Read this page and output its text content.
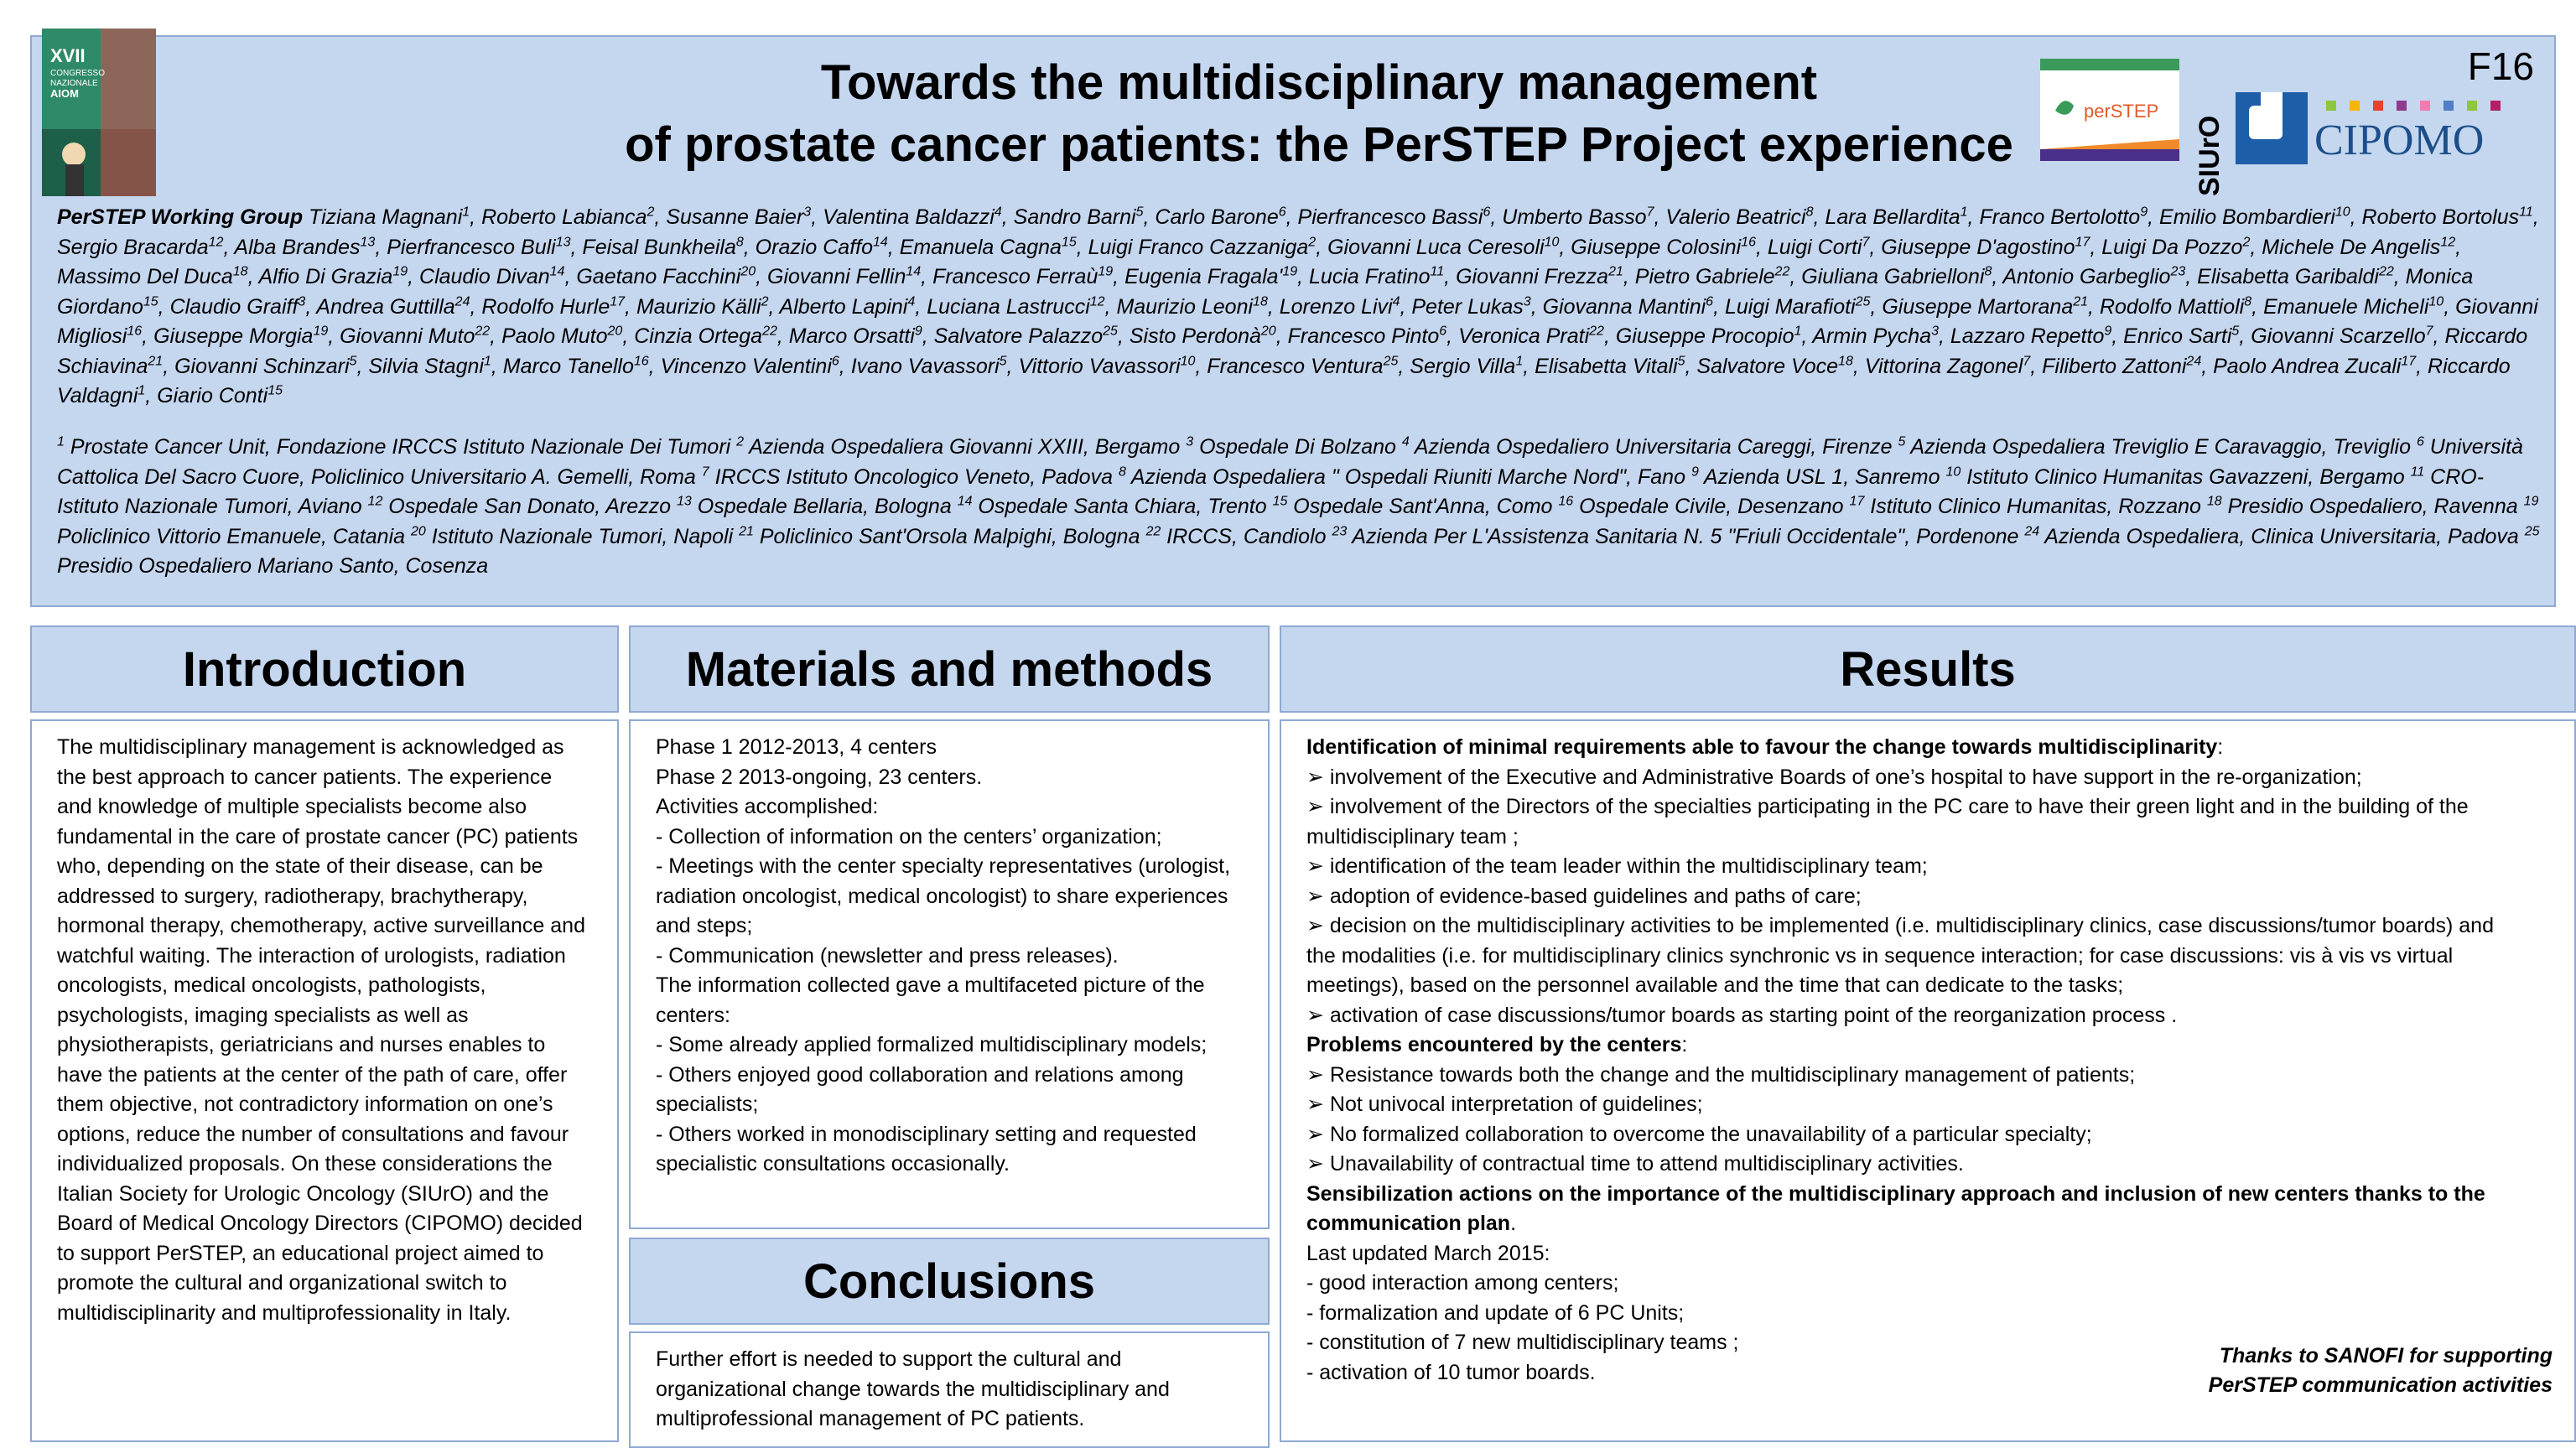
XVII
CONGRESSO
NAZIONALE
AIOM	Towards the multidisciplinary management
of prostate cancer patients: the PerSTEP Project experience
perSTEP
SIUrO CIPOMO
F16
PerSTEP Working Group Tiziana Magnani$^1$, Roberto Labianca$^2$, Susanne Baier$^3$, Valentina Baldazzi$^4$, Sandro Barni$^5$, Carlo Barone$^6$, Pierfrancesco Bassi$^6$, Umberto Basso$^7$, Valerio Beatrici$^8$, Lara Bellardita$^1$, Franco Bertolotto$^9$, Emilio Bombardieri$^{10}$, Roberto Bortolus$^{11}$, Sergio Bracarda$^{12}$, Alba Brandes$^{13}$, Pierfrancesco Buli$^{13}$, Feisal Bunkheila$^8$, Orazio Caffo$^{14}$, Emanuela Cagna$^{15}$, Luigi Franco Cazzaniga$^2$, Giovanni Luca Ceresoli$^{10}$, Giuseppe Colosini$^{16}$, Luigi Corti$^7$, Giuseppe D'agostino$^{17}$, Luigi Da Pozzo$^2$, Michele De Angelis$^{12}$, Massimo Del Duca$^{18}$, Alfio Di Grazia$^{19}$, Claudio Divan$^{14}$, Gaetano Facchini$^{20}$, Giovanni Fellin$^{14}$, Francesco Ferraù$^{19}$, Eugenia $Fragala'^{19}$, Lucia Fratino$^{11}$, Giovanni Frezza$^{21}$, Pietro Gabriele$^{22}$, Giuliana Gabrielloni$^8$, Antonio Garbeglio$^{23}$, Elisabetta Garibaldi$^{22}$, Monica Giordano$^{15}$, Claudio Graiff$^3$, Andrea Guttilla$^{24}$, Rodolfo Hurle$^{17}$, Maurizio Källi$^2$, Alberto Lapini$^4$, Luciana Lastrucci$^{12}$, Maurizio Leoni$^{18}$, Lorenzo Livi$^4$, Peter Lukas$^3$, Giovanna Mantini$^6$, Luigi Marafioti$^{25}$, Giuseppe Martorana$^{21}$, Rodolfo Mattioli$^8$, Emanuele Micheli$^{10}$, Giovanni Migliosi$^{16}$, Giuseppe Morgia$^{19}$, Giovanni Muto$^{22}$, Paolo Muto$^{20}$, Cinzia Ortega$^{22}$, Marco Orsatti$^9$, Salvatore Palazzo$^{25}$, Sisto Perdonà$^{20}$, Francesco Pinto$^6$, Veronica Prati$^{22}$, Giuseppe Procopio$^1$, Armin Pycha$^3$, Lazzaro Repetto$^9$, Enrico Sarti$^5$, Giovanni Scarzello$^7$, Riccardo Schiavina$^{21}$, Giovanni Schinzari$^5$, Silvia Stagni$^1$, Marco Tanello$^{16}$, Vincenzo Valentini$^6$, Ivano Vavassori$^5$, Vittorio Vavassori$^{10}$, Francesco Ventura$^{25}$, Sergio Villa$^1$, Elisabetta Vitali$^5$, Salvatore Voce$^{18}$, Vittorina Zagonel$^7$, Filiberto Zattoni$^{24}$, Paolo Andrea Zucali$^{17}$, Riccardo Valdagni$^1$, Giario Conti$^{15}$
$^1$ Prostate Cancer Unit, Fondazione IRCCS Istituto Nazionale Dei Tumori $^2$ Azienda Ospedaliera Giovanni XXIII, Bergamo $^3$ Ospedale Di Bolzano $^4$ Azienda Ospedaliero Universitaria Careggi, Firenze $^5$ Azienda Ospedaliera Treviglio E Caravaggio, Treviglio $^6$ Università Cattolica Del Sacro Cuore, Policlinico Universitario A. Gemelli, Roma $^7$ IRCCS Istituto Oncologico Veneto, Padova $^8$ Azienda Ospedaliera " Ospedali Riuniti Marche Nord", Fano $^9$ Azienda USL 1, Sanremo $^{10}$ Istituto Clinico Humanitas Gavazzeni, Bergamo $^{11}$ CRO-Istituto Nazionale Tumori, Aviano $^{12}$ Ospedale San Donato, Arezzo $^{13}$ Ospedale Bellaria, Bologna $^{14}$ Ospedale Santa Chiara, Trento $^{15}$ Ospedale Sant'Anna, Como $^{16}$ Ospedale Civile, Desenzano $^{17}$ Istituto Clinico Humanitas, Rozzano $^{18}$ Presidio Ospedaliero, Ravenna $^{19}$ Policlinico Vittorio Emanuele, Catania $^{20}$ Istituto Nazionale Tumori, Napoli $^{21}$ Policlinico Sant'Orsola Malpighi, Bologna $^{22}$ IRCCS, Candiolo $^{23}$ Azienda Per L'Assistenza Sanitaria N. 5 "Friuli Occidentale", Pordenone $^{24}$ Azienda Ospedaliera, Clinica Universitaria, Padova $^{25}$ Presidio Ospedaliero Mariano Santo, Cosenza
Introduction
The multidisciplinary management is acknowledged as the best approach to cancer patients. The experience and knowledge of multiple specialists become also fundamental in the care of prostate cancer (PC) patients who, depending on the state of their disease, can be addressed to surgery, radiotherapy, brachytherapy, hormonal therapy, chemotherapy, active surveillance and watchful waiting. The interaction of urologists, radiation oncologists, medical oncologists, pathologists, psychologists, imaging specialists as well as physiotherapists, geriatricians and nurses enables to have the patients at the center of the path of care, offer them objective, not contradictory information on one’s options, reduce the number of consultations and favour individualized proposals. On these considerations the Italian Society for Urologic Oncology (SIUrO) and the Board of Medical Oncology Directors (CIPOMO) decided to support PerSTEP, an educational project aimed to promote the cultural and organizational switch to multidisciplinarity and multiprofessionality in Italy.
Materials and methods
Phase 1 2012-2013, 4 centers
Phase 2 2013-ongoing, 23 centers.
Activities accomplished:
- Collection of information on the centers’ organization;
- Meetings with the center specialty representatives (urologist, radiation oncologist, medical oncologist) to share experiences and steps;
- Communication (newsletter and press releases).
The information collected gave a multifaceted picture of the centers:
- Some already applied formalized multidisciplinary models;
- Others enjoyed good collaboration and relations among specialists;
- Others worked in monodisciplinary setting and requested specialistic consultations occasionally.
Conclusions
Further effort is needed to support the cultural and organizational change towards the multidisciplinary and multiprofessional management of PC patients.
Results

Identification of minimal requirements able to favour the change towards multidisciplinarity:

➢ involvement of the Executive and Administrative Boards of one’s hospital to have support in the re-organization;

➢ involvement of the Directors of the specialties participating in the PC care to have their green light and in the building of the multidisciplinary team ;

➢ identification of the team leader within the multidisciplinary team;

➢ adoption of evidence-based guidelines and paths of care;

➢ decision on the multidisciplinary activities to be implemented (i.e. multidisciplinary clinics, case discussions/tumor boards) and the modalities (i.e. for multidisciplinary clinics synchronic vs in sequence interaction; for case discussions: vis à vis vs virtual meetings), based on the personnel available and the time that can dedicate to the tasks;

➢ activation of case discussions/tumor boards as starting point of the reorganization process .

Problems encountered by the centers:

➢ Resistance towards both the change and the multidisciplinary management of patients;

➢ Not univocal interpretation of guidelines;

➢ No formalized collaboration to overcome the unavailability of a particular specialty;

➢ Unavailability of contractual time to attend multidisciplinary activities.

Sensibilization actions on the importance of the multidisciplinary approach and inclusion of new centers thanks to the communication plan.

Last updated March 2015:

- good interaction among centers;

- formalization and update of 6 PC Units;

- constitution of 7 new multidisciplinary teams ;

- activation of 10 tumor boards.

Thanks to SANOFI for supporting
PerSTEP communication activities
